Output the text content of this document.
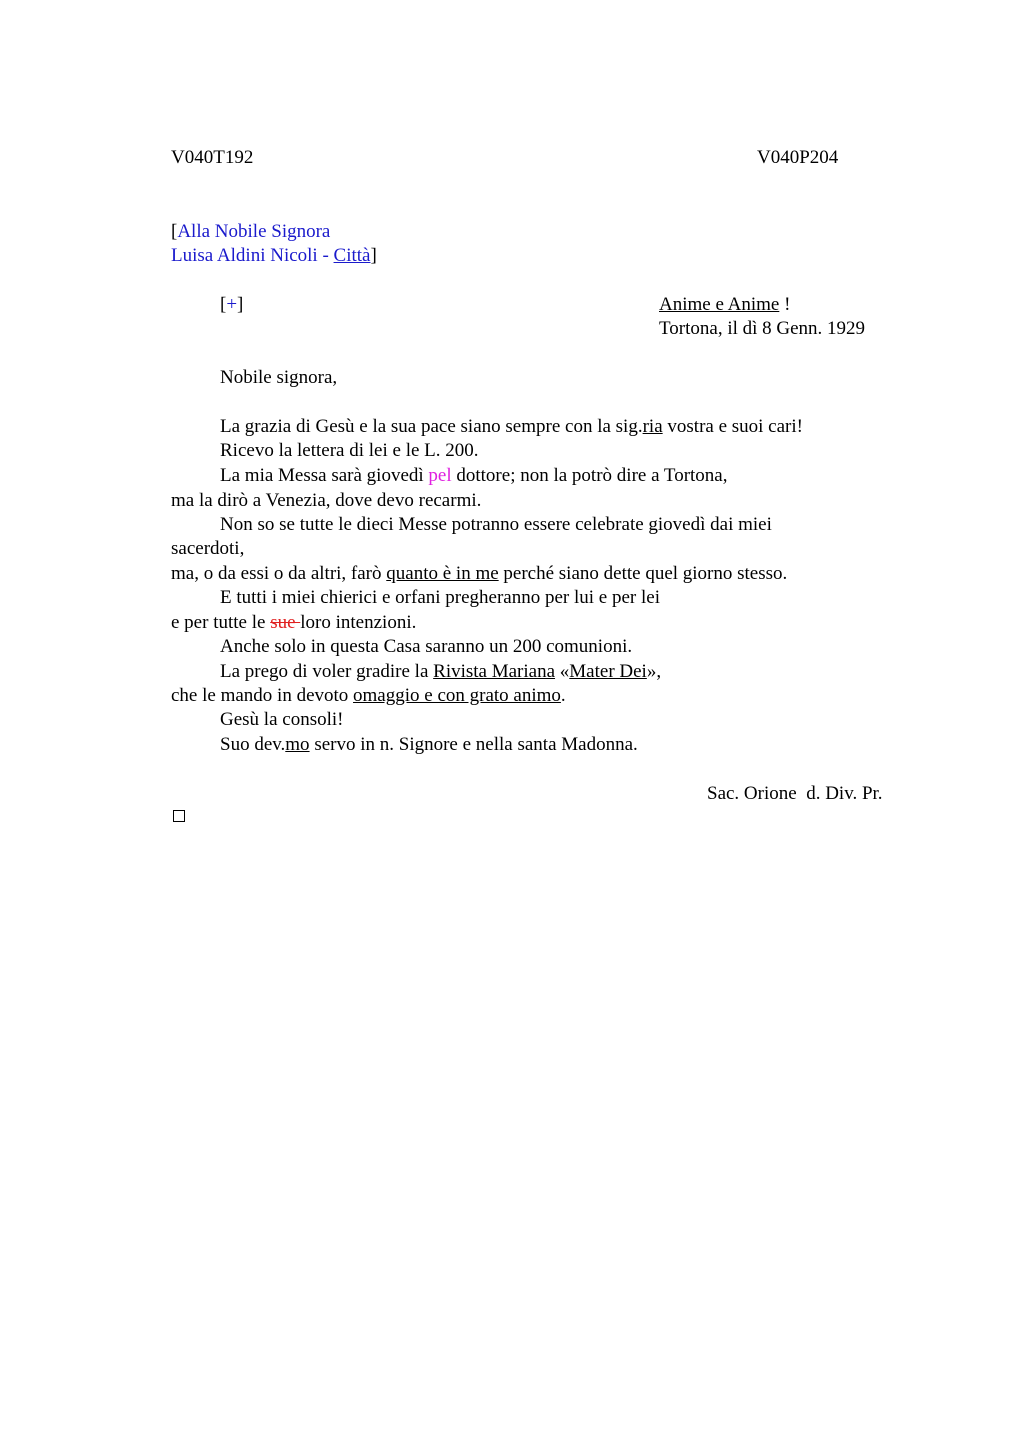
V040T192	V040P204
[Alla Nobile Signora
Luisa Aldini Nicoli - Città]
[+]	Anime e Anime !
Tortona, il dì 8 Genn. 1929
Nobile signora,
La grazia di Gesù e la sua pace siano sempre con la sig.ria vostra e suoi cari!
Ricevo la lettera di lei e le L. 200.
La mia Messa sarà giovedì pel dottore; non la potrò dire a Tortona,
ma la dirò a Venezia, dove devo recarmi.
Non so se tutte le dieci Messe potranno essere celebrate giovedì dai miei
sacerdoti,
ma, o da essi o da altri, farò quanto è in me perché siano dette quel giorno stesso.
E tutti i miei chierici e orfani pregheranno per lui e per lei
e per tutte le sue loro intenzioni.
Anche solo in questa Casa saranno un 200 comunioni.
La prego di voler gradire la Rivista Mariana «Mater Dei»,
che le mando in devoto omaggio e con grato animo.
Gesù la consoli!
Suo dev.mo servo in n. Signore e nella santa Madonna.
Sac. Orione  d. Div. Pr.
